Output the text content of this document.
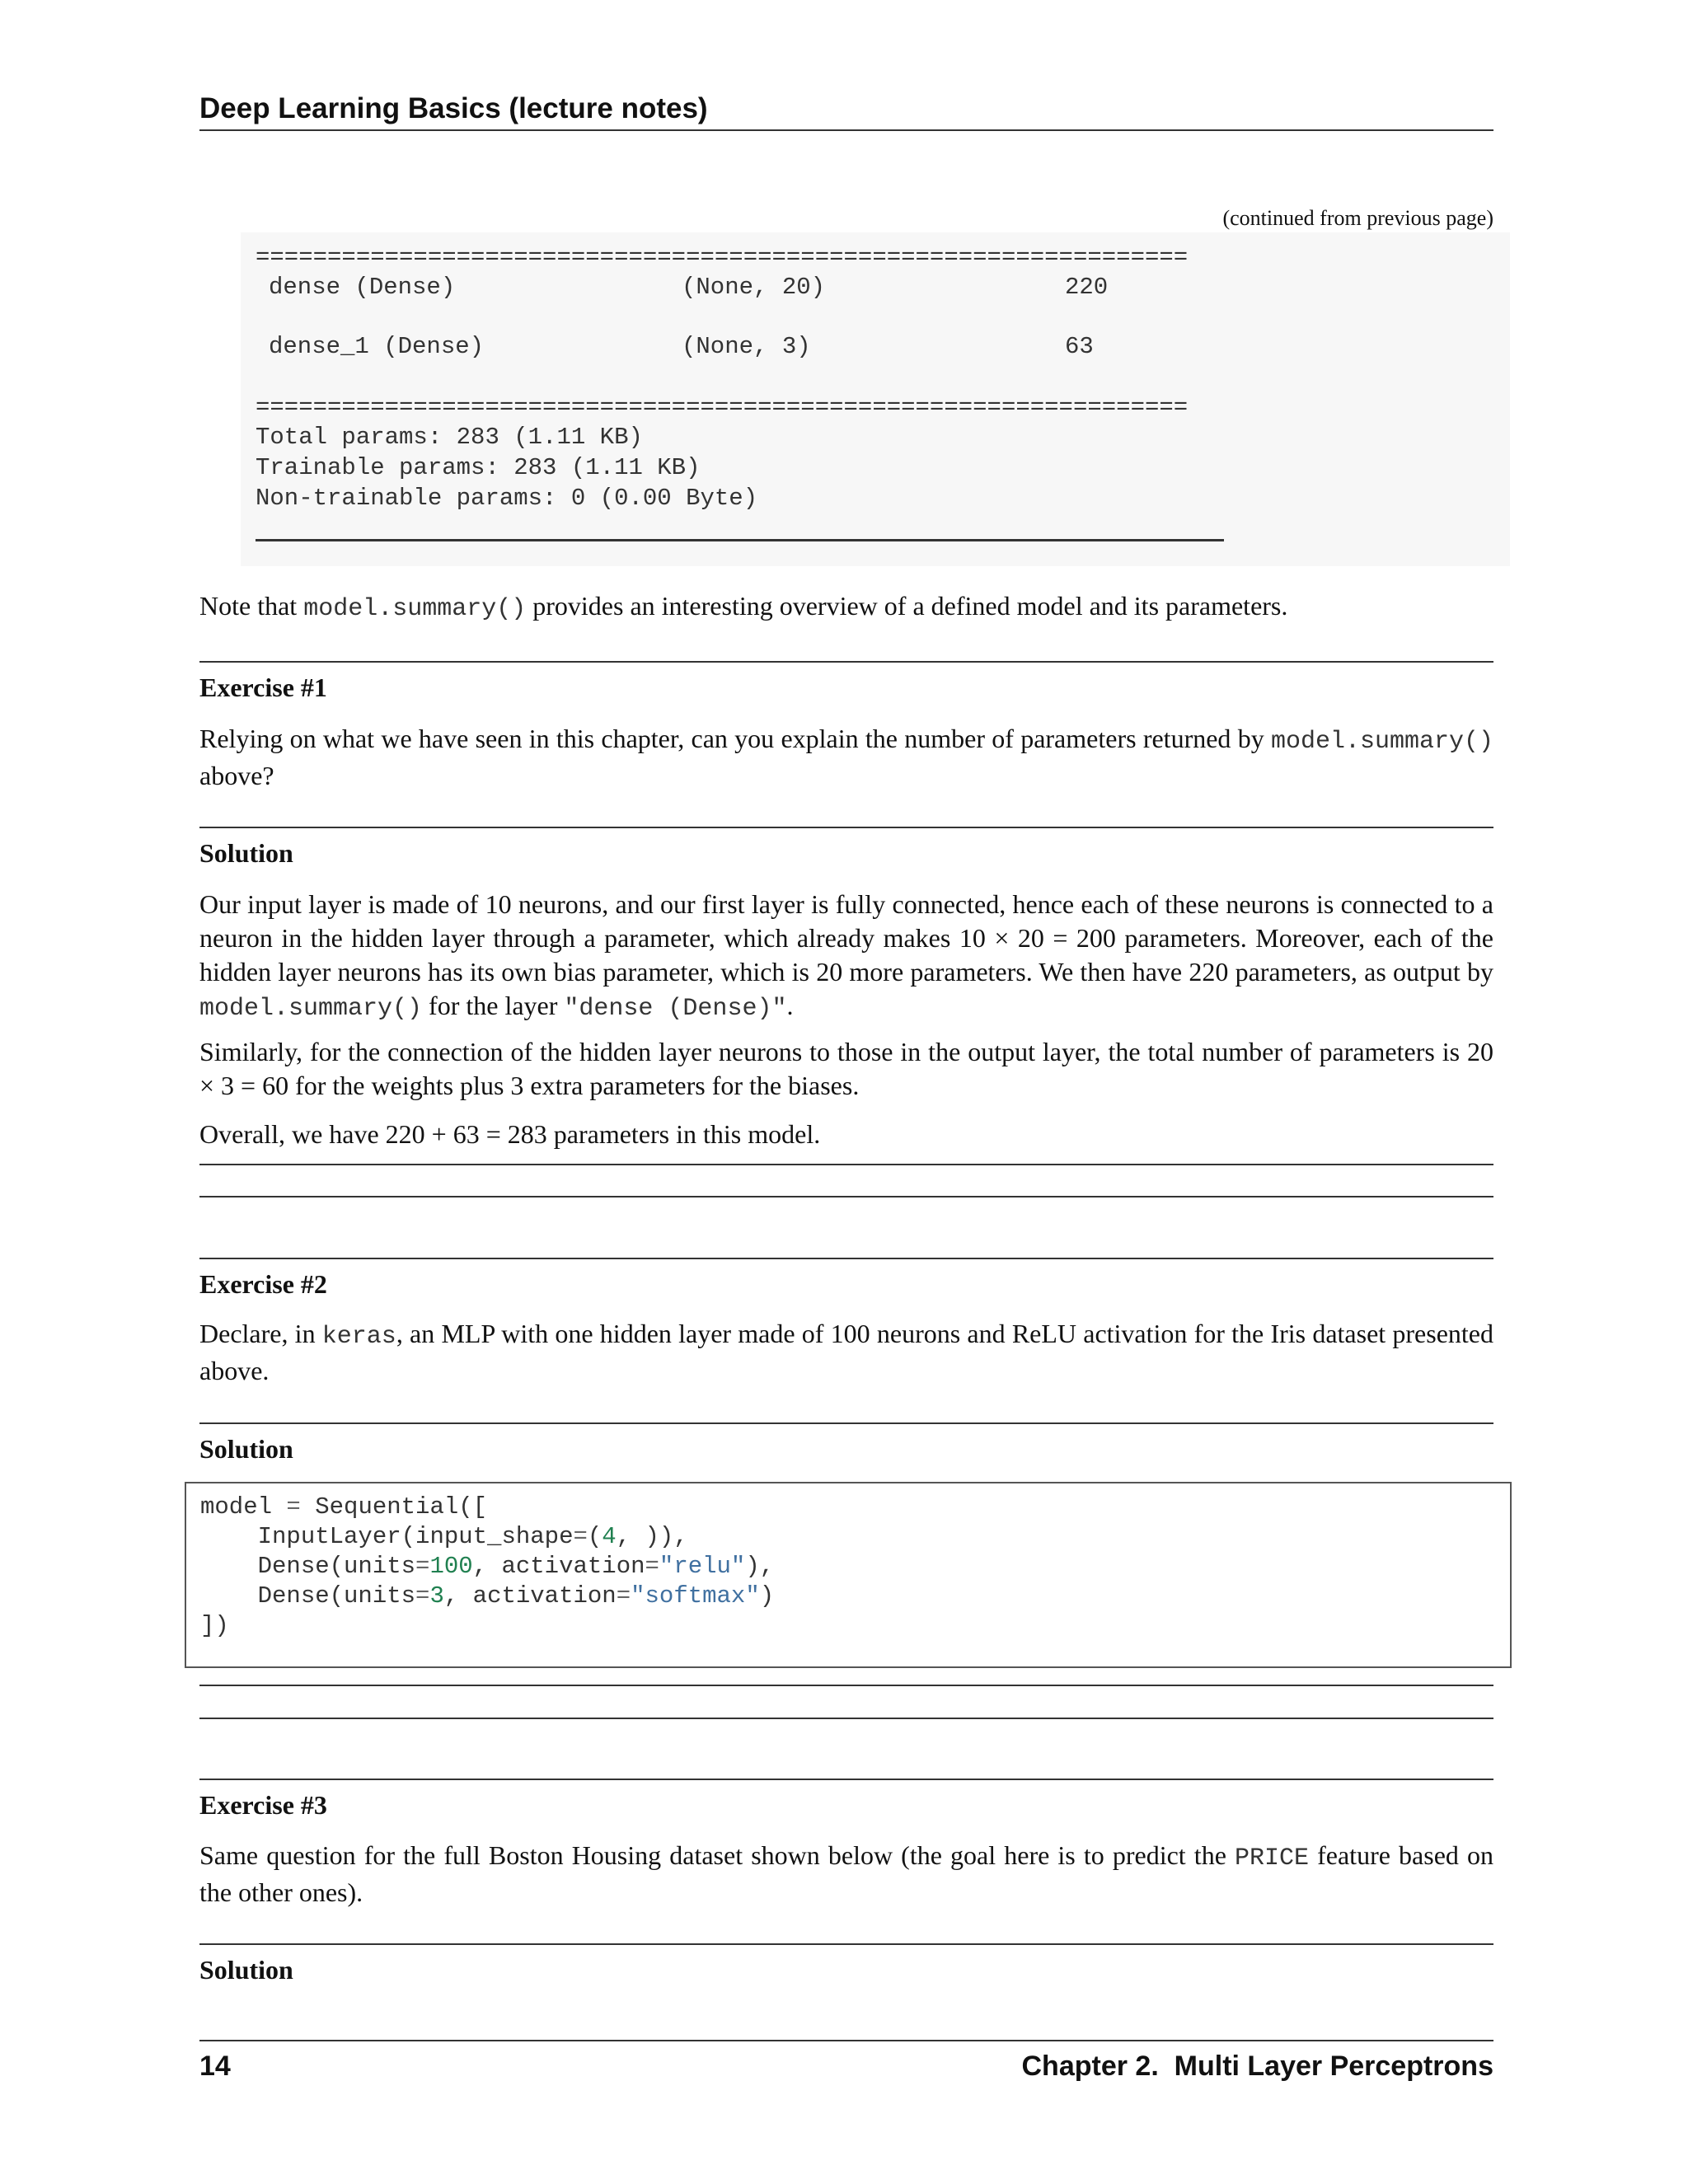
Deep Learning Basics (lecture notes)
(continued from previous page)
=================================================================
dense (Dense)	(None, 20)	220
dense_1 (Dense)	(None, 3)	63
=================================================================
Total params: 283 (1.11 KB)
Trainable params: 283 (1.11 KB)
Non-trainable params: 0 (0.00 Byte)
Note that model.summary() provides an interesting overview of a defined model and its parameters.
Exercise #1
Relying on what we have seen in this chapter, can you explain the number of parameters returned by model.summary() above?
Solution
Our input layer is made of 10 neurons, and our first layer is fully connected, hence each of these neurons is connected to a neuron in the hidden layer through a parameter, which already makes 10 × 20 = 200 parameters. Moreover, each of the hidden layer neurons has its own bias parameter, which is 20 more parameters. We then have 220 parameters, as output by model.summary() for the layer "dense (Dense)".
Similarly, for the connection of the hidden layer neurons to those in the output layer, the total number of parameters is 20 × 3 = 60 for the weights plus 3 extra parameters for the biases.
Overall, we have 220 + 63 = 283 parameters in this model.
Exercise #2
Declare, in keras, an MLP with one hidden layer made of 100 neurons and ReLU activation for the Iris dataset presented above.
Solution
model = Sequential([
InputLayer(input_shape=(4, )),
Dense(units=100, activation="relu"),
Dense(units=3, activation="softmax")
])
Exercise #3
Same question for the full Boston Housing dataset shown below (the goal here is to predict the PRICE feature based on the other ones).
Solution
14	Chapter 2.  Multi Layer Perceptrons
